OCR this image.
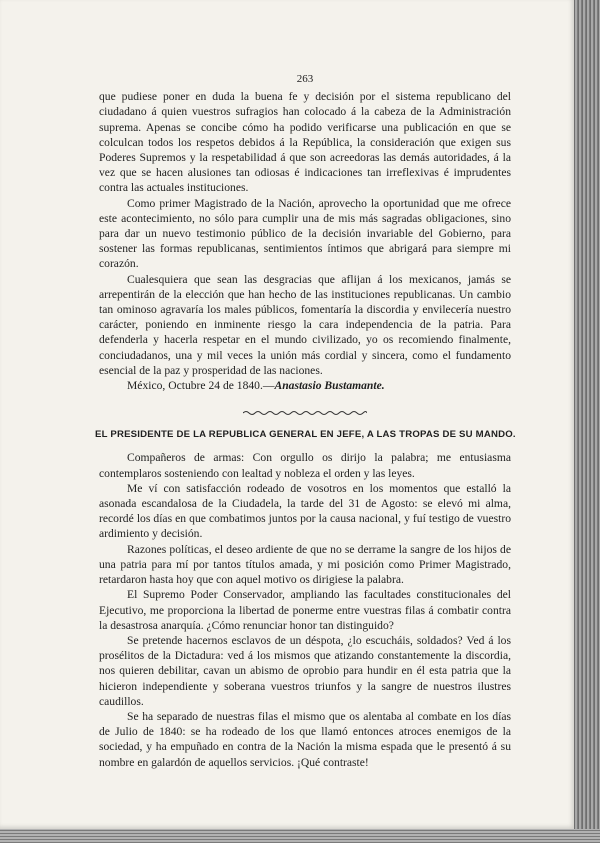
263

que pudiese poner en duda la buena fe y decisión por el sistema republicano del ciudadano á quien vuestros sufragios han colocado á la cabeza de la Administración suprema. Apenas se concibe cómo ha podido verificarse una publicación en que se colculcan todos los respetos debidos á la República, la consideración que exigen sus Poderes Supremos y la respetabilidad á que son acreedoras las demás autoridades, á la vez que se hacen alusiones tan odiosas é indicaciones tan irreflexivas é imprudentes contra las actuales instituciones.

Como primer Magistrado de la Nación, aprovecho la oportunidad que me ofrece este acontecimiento, no sólo para cumplir una de mis más sagradas obligaciones, sino para dar un nuevo testimonio público de la decisión invariable del Gobierno, para sostener las formas republicanas, sentimientos íntimos que abrigará para siempre mi corazón.

Cualesquiera que sean las desgracias que aflijan á los mexicanos, jamás se arrepentirán de la elección que han hecho de las instituciones republicanas. Un cambio tan ominoso agravaría los males públicos, fomentaría la discordia y envilecería nuestro carácter, poniendo en inminente riesgo la cara independencia de la patria. Para defenderla y hacerla respetar en el mundo civilizado, yo os recomiendo finalmente, conciudadanos, una y mil veces la unión más cordial y sincera, como el fundamento esencial de la paz y prosperidad de las naciones.

México, Octubre 24 de 1840.—Anastasio Bustamante.

EL PRESIDENTE DE LA REPUBLICA GENERAL EN JEFE, A LAS TROPAS DE SU MANDO.

Compañeros de armas: Con orgullo os dirijo la palabra; me entusiasma contemplaros sosteniendo con lealtad y nobleza el orden y las leyes.

Me ví con satisfacción rodeado de vosotros en los momentos que estalló la asonada escandalosa de la Ciudadela, la tarde del 31 de Agosto: se elevó mi alma, recordé los días en que combatimos juntos por la causa nacional, y fuí testigo de vuestro ardimiento y decisión.

Razones políticas, el deseo ardiente de que no se derrame la sangre de los hijos de una patria para mí por tantos títulos amada, y mi posición como Primer Magistrado, retardaron hasta hoy que con aquel motivo os dirigiese la palabra.

El Supremo Poder Conservador, ampliando las facultades constitucionales del Ejecutivo, me proporciona la libertad de ponerme entre vuestras filas á combatir contra la desastrosa anarquía. ¿Cómo renunciar honor tan distinguido?

Se pretende hacernos esclavos de un déspota, ¿lo escucháis, soldados? Ved á los prosélitos de la Dictadura: ved á los mismos que atizando constantemente la discordia, nos quieren debilitar, cavan un abismo de oprobio para hundir en él esta patria que la hicieron independiente y soberana vuestros triunfos y la sangre de nuestros ilustres caudillos.

Se ha separado de nuestras filas el mismo que os alentaba al combate en los días de Julio de 1840: se ha rodeado de los que llamó entonces atroces enemigos de la sociedad, y ha empuñado en contra de la Nación la misma espada que le presentó á su nombre en galardón de aquellos servicios. ¡Qué contraste!
